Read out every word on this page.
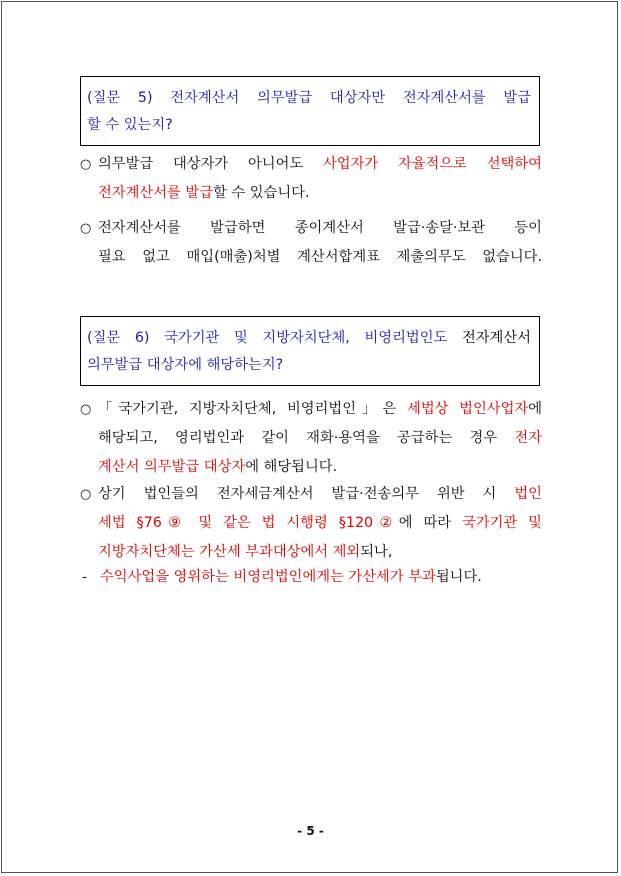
(질문 5) 전자계산서 의무발급 대상자만 전자계산서를 발급
할 수 있는지?
○ 의무발급 대상자가 아니어도 사업자가 자율적으로 선택하여
전자계산서를 발급할 수 있습니다.
○ 전자계산서를 발급하면 종이계산서 발급·송달·보관 등이
필요 없고 매입(매출)처별 계산서합계표 제출의무도 없습니다.
(질문 6) 국가기관 및 지방자치단체, 비영리법인도 전자계산서
의무발급 대상자에 해당하는지?
○ 「국가기관, 지방자치단체, 비영리법인」은 세법상 법인사업자에
해당되고, 영리법인과 같이 재화·용역을 공급하는 경우 전자
계산서 의무발급 대상자에 해당됩니다.
○ 상기 법인들의 전자세금계산서 발급·전송의무 위반 시 법인
세법 §76⑨ 및 같은 법 시행령 §120②에 따라 국가기관 및
지방자치단체는 가산세 부과대상에서 제외되나,
- 수익사업을 영위하는 비영리법인에게는 가산세가 부과됩니다.
- 5 -
